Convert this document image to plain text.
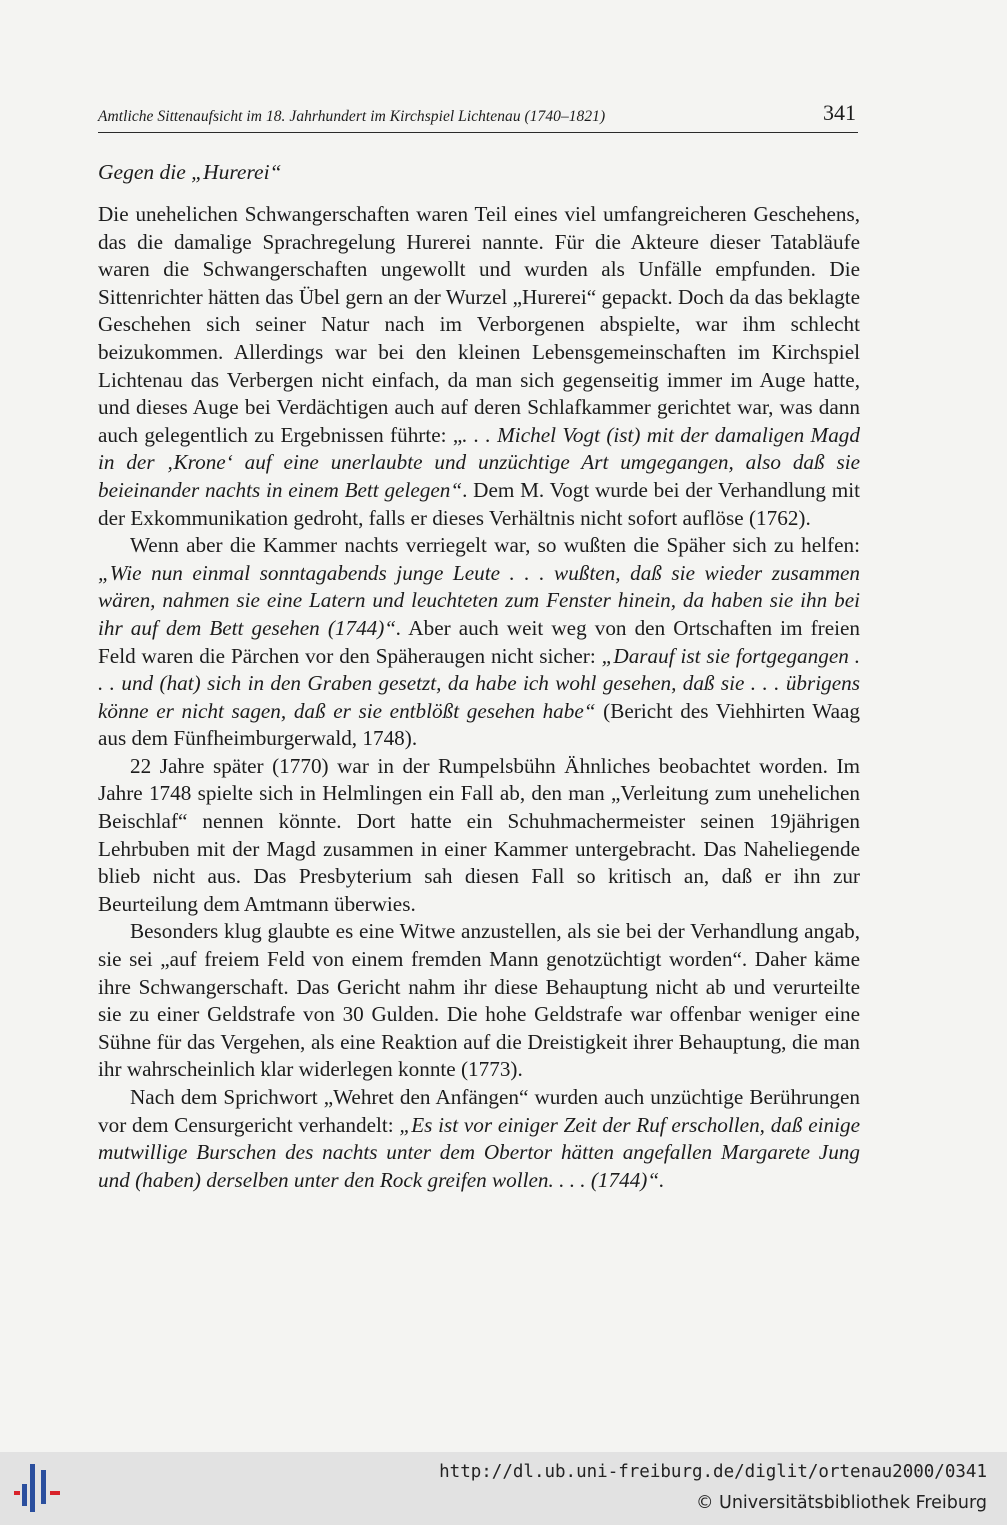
Amtliche Sittenaufsicht im 18. Jahrhundert im Kirchspiel Lichtenau (1740–1821)	341
Gegen die „Hurerei“

Die unehelichen Schwangerschaften waren Teil eines viel umfangreicheren Geschehens, das die damalige Sprachregelung Hurerei nannte. Für die Akteure dieser Tatabläufe waren die Schwangerschaften ungewollt und wurden als Unfälle empfunden. Die Sittenrichter hätten das Übel gern an der Wurzel „Hurerei“ gepackt. Doch da das beklagte Geschehen sich seiner Natur nach im Verborgenen abspielte, war ihm schlecht beizukommen. Allerdings war bei den kleinen Lebensgemeinschaften im Kirchspiel Lichtenau das Verbergen nicht einfach, da man sich gegenseitig immer im Auge hatte, und dieses Auge bei Verdächtigen auch auf deren Schlafkammer gerichtet war, was dann auch gelegentlich zu Ergebnissen führte: „. . . Michel Vogt (ist) mit der damaligen Magd in der ‚Krone‘ auf eine unerlaubte und unzüchtige Art umgegangen, also daß sie beieinander nachts in einem Bett gelegen“. Dem M. Vogt wurde bei der Verhandlung mit der Exkommunikation gedroht, falls er dieses Verhältnis nicht sofort auflöse (1762).

Wenn aber die Kammer nachts verriegelt war, so wußten die Späher sich zu helfen: „Wie nun einmal sonntagabends junge Leute . . . wußten, daß sie wieder zusammen wären, nahmen sie eine Latern und leuchteten zum Fenster hinein, da haben sie ihn bei ihr auf dem Bett gesehen (1744)“. Aber auch weit weg von den Ortschaften im freien Feld waren die Pärchen vor den Späheraugen nicht sicher: „Darauf ist sie fortgegangen . . . und (hat) sich in den Graben gesetzt, da habe ich wohl gesehen, daß sie . . . übrigens könne er nicht sagen, daß er sie entblößt gesehen habe“ (Bericht des Viehhirten Waag aus dem Fünfheimburgerwald, 1748).

22 Jahre später (1770) war in der Rumpelsbühn Ähnliches beobachtet worden. Im Jahre 1748 spielte sich in Helmlingen ein Fall ab, den man „Verleitung zum unehelichen Beischlaf“ nennen könnte. Dort hatte ein Schuhmachermeister seinen 19jährigen Lehrbuben mit der Magd zusammen in einer Kammer untergebracht. Das Naheliegende blieb nicht aus. Das Presbyterium sah diesen Fall so kritisch an, daß er ihn zur Beurteilung dem Amtmann überwies.

Besonders klug glaubte es eine Witwe anzustellen, als sie bei der Verhandlung angab, sie sei „auf freiem Feld von einem fremden Mann genotzüchtigt worden“. Daher käme ihre Schwangerschaft. Das Gericht nahm ihr diese Behauptung nicht ab und verurteilte sie zu einer Geldstrafe von 30 Gulden. Die hohe Geldstrafe war offenbar weniger eine Sühne für das Vergehen, als eine Reaktion auf die Dreistigkeit ihrer Behauptung, die man ihr wahrscheinlich klar widerlegen konnte (1773).

Nach dem Sprichwort „Wehret den Anfängen“ wurden auch unzüchtige Berührungen vor dem Censurgericht verhandelt: „Es ist vor einiger Zeit der Ruf erschollen, daß einige mutwillige Burschen des nachts unter dem Obertor hätten angefallen Margarete Jung und (haben) derselben unter den Rock greifen wollen. . . . (1744)“.

http://dl.ub.uni-freiburg.de/diglit/ortenau2000/0341
© Universitätsbibliothek Freiburg
